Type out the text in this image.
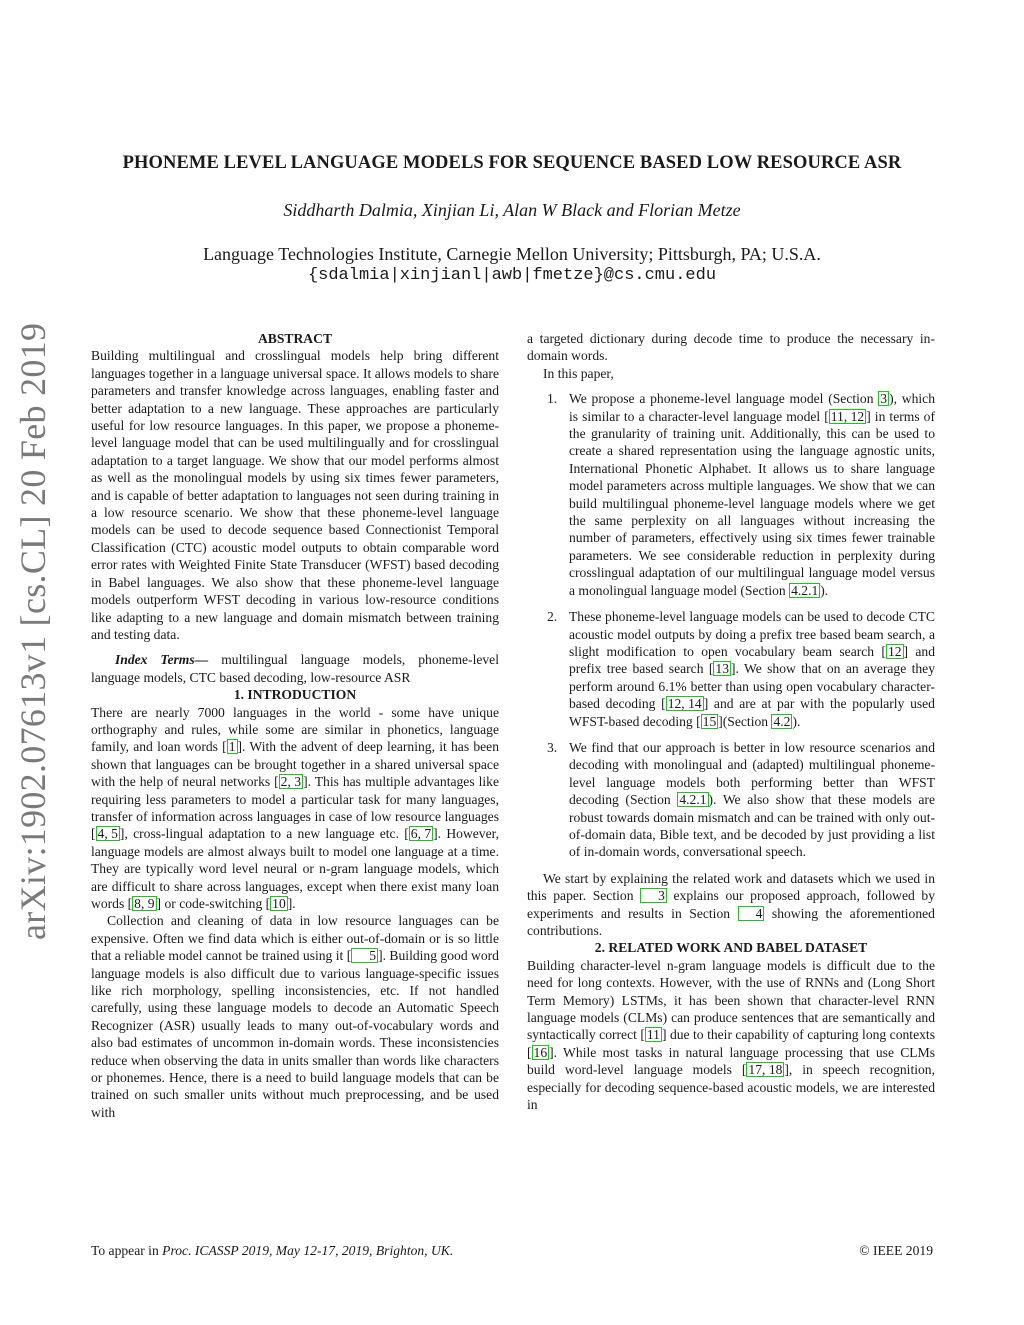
arXiv:1902.07613v1 [cs.CL] 20 Feb 2019
PHONEME LEVEL LANGUAGE MODELS FOR SEQUENCE BASED LOW RESOURCE ASR
Siddharth Dalmia, Xinjian Li, Alan W Black and Florian Metze
Language Technologies Institute, Carnegie Mellon University; Pittsburgh, PA; U.S.A.
{sdalmia|xinjianl|awb|fmetze}@cs.cmu.edu
ABSTRACT

Building multilingual and crosslingual models help bring different languages together in a language universal space. It allows models to share parameters and transfer knowledge across languages, enabling faster and better adaptation to a new language. These approaches are particularly useful for low resource languages. In this paper, we propose a phoneme-level language model that can be used multilingually and for crosslingual adaptation to a target language. We show that our model performs almost as well as the monolingual models by using six times fewer parameters, and is capable of better adaptation to languages not seen during training in a low resource scenario. We show that these phoneme-level language models can be used to decode sequence based Connectionist Temporal Classification (CTC) acoustic model outputs to obtain comparable word error rates with Weighted Finite State Transducer (WFST) based decoding in Babel languages. We also show that these phoneme-level language models outperform WFST decoding in various low-resource conditions like adapting to a new language and domain mismatch between training and testing data.

Index Terms— multilingual language models, phoneme-level language models, CTC based decoding, low-resource ASR

1. INTRODUCTION

There are nearly 7000 languages in the world - some have unique orthography and rules, while some are similar in phonetics, language family, and loan words [ 1 ]. With the advent of deep learning, it has been shown that languages can be brought together in a shared universal space with the help of neural networks [ 2, 3 ]. This has multiple advantages like requiring less parameters to model a particular task for many languages, transfer of information across languages in case of low resource languages [ 4, 5 ], cross-lingual adaptation to a new language etc. [ 6, 7 ]. However, language models are almost always built to model one language at a time. They are typically word level neural or n-gram language models, which are difficult to share across languages, except when there exist many loan words [ 8, 9 ] or code-switching [ 10 ].

Collection and cleaning of data in low resource languages can be expensive. Often we find data which is either out-of-domain or is so little that a reliable model cannot be trained using it [ 5 ]. Building good word language models is also difficult due to various language-specific issues like rich morphology, spelling inconsistencies, etc. If not handled carefully, using these language models to decode an Automatic Speech Recognizer (ASR) usually leads to many out-of-vocabulary words and also bad estimates of uncommon in-domain words. These inconsistencies reduce when observing the data in units smaller than words like characters or phonemes. Hence, there is a need to build language models that can be trained on such smaller units without much preprocessing, and be used with

a targeted dictionary during decode time to produce the necessary in-domain words.

In this paper,

1. We propose a phoneme-level language model (Section 3 ), which is similar to a character-level language model [ 11, 12 ] in terms of the granularity of training unit. Additionally, this can be used to create a shared representation using the language agnostic units, International Phonetic Alphabet. It allows us to share language model parameters across multiple languages. We show that we can build multilingual phoneme-level language models where we get the same perplexity on all languages without increasing the number of parameters, effectively using six times fewer trainable parameters. We see considerable reduction in perplexity during crosslingual adaptation of our multilingual language model versus a monolingual language model (Section 4.2.1 ).
2. These phoneme-level language models can be used to decode CTC acoustic model outputs by doing a prefix tree based beam search, a slight modification to open vocabulary beam search [ 12 ] and prefix tree based search [ 13 ]. We show that on an average they perform around 6.1% better than using open vocabulary character-based decoding [ 12, 14 ] and are at par with the popularly used WFST-based decoding [ 15 ](Section 4.2 ).
3. We find that our approach is better in low resource scenarios and decoding with monolingual and (adapted) multilingual phoneme-level language models both performing better than WFST decoding (Section 4.2.1 ). We also show that these models are robust towards domain mismatch and can be trained with only out-of-domain data, Bible text, and be decoded by just providing a list of in-domain words, conversational speech.

We start by explaining the related work and datasets which we used in this paper. Section 3 explains our proposed approach, followed by experiments and results in Section 4 showing the aforementioned contributions.

2. RELATED WORK AND BABEL DATASET

Building character-level n-gram language models is difficult due to the need for long contexts. However, with the use of RNNs and (Long Short Term Memory) LSTMs, it has been shown that character-level RNN language models (CLMs) can produce sentences that are semantically and syntactically correct [ 11 ] due to their capability of capturing long contexts [ 16 ]. While most tasks in natural language processing that use CLMs build word-level language models [ 17, 18 ], in speech recognition, especially for decoding sequence-based acoustic models, we are interested in

To appear in Proc. ICASSP 2019, May 12-17, 2019, Brighton, UK.	© IEEE 2019
